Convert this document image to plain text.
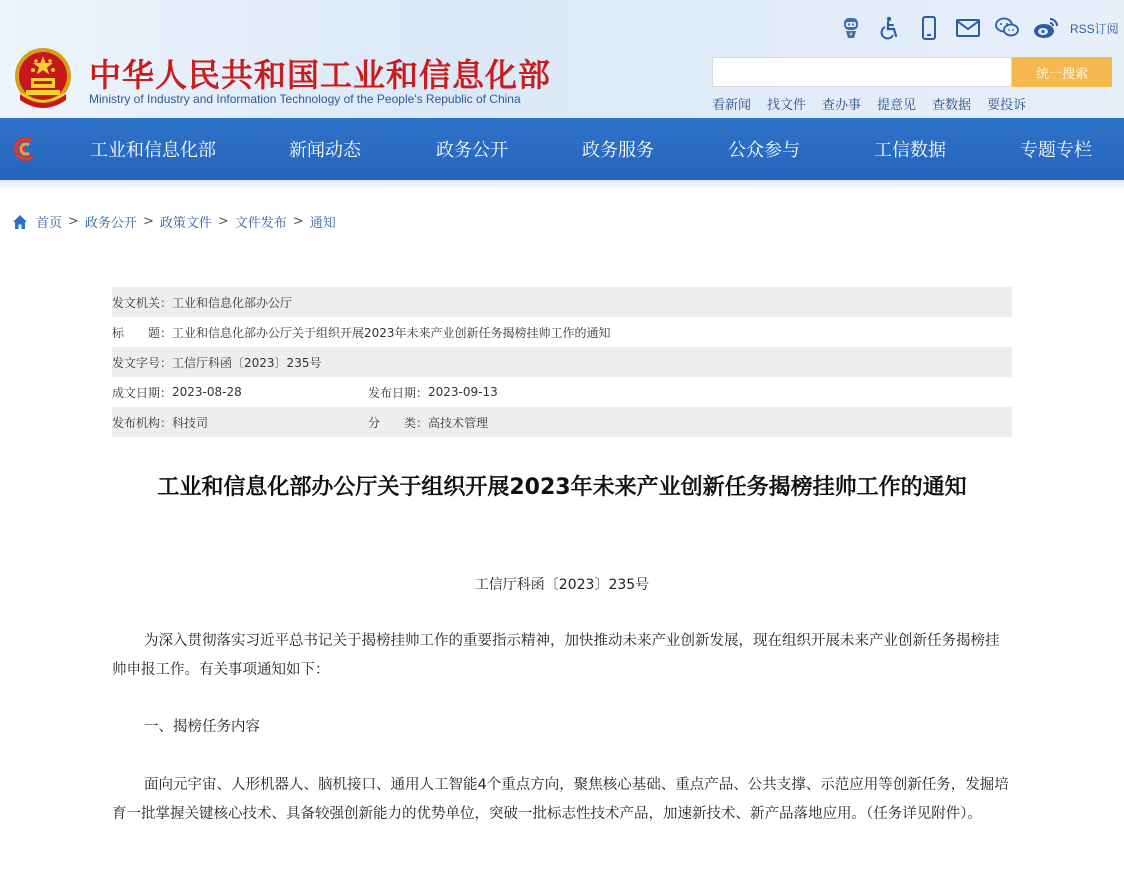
中华人民共和国工业和信息化部
Ministry of Industry and Information Technology of the People's Republic of China
RSS订阅
统一搜索
看新闻 找文件 查办事 提意见 查数据 要投诉
工业和信息化部	新闻动态	政务公开	政务服务	公众参与	工信数据	专题专栏
首页 > 政务公开 > 政策文件 > 文件发布 > 通知
发文机关： 工业和信息化部办公厅
标　　题： 工业和信息化部办公厅关于组织开展2023年未来产业创新任务揭榜挂帅工作的通知
发文字号： 工信厅科函〔2023〕235号
成文日期： 2023-08-28	发布日期： 2023-09-13
发布机构： 科技司	分　　类： 高技术管理
工业和信息化部办公厅关于组织开展2023年未来产业创新任务揭榜挂帅工作的通知
工信厅科函〔2023〕235号

为深入贯彻落实习近平总书记关于揭榜挂帅工作的重要指示精神，加快推动未来产业创新发展，现在组织开展未来产业创新任务揭榜挂帅申报工作。有关事项通知如下：

一、揭榜任务内容

面向元宇宙、人形机器人、脑机接口、通用人工智能4个重点方向，聚焦核心基础、重点产品、公共支撑、示范应用等创新任务，发掘培育一批掌握关键核心技术、具备较强创新能力的优势单位，突破一批标志性技术产品，加速新技术、新产品落地应用。（任务详见附件）。
